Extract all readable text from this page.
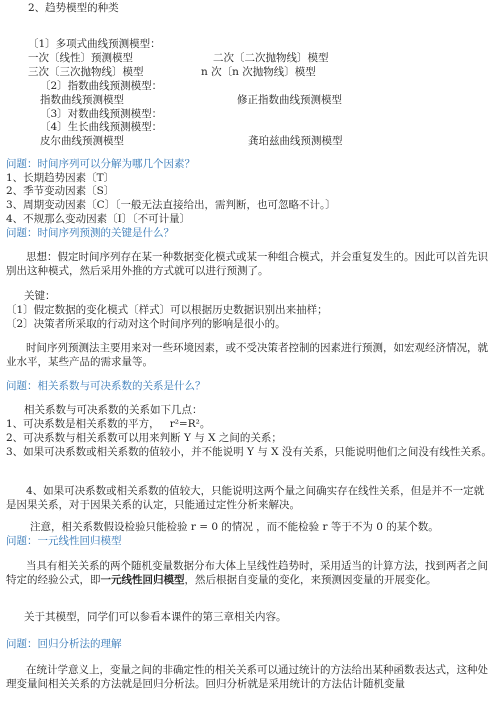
2、趋势模型的种类
〔1〕多项式曲线预测模型：
一次〔线性〕预测模型	二次〔二次抛物线〕模型
三次〔三次抛物线〕模型	n 次〔n 次抛物线〕模型
〔2〕指数曲线预测模型：
指数曲线预测模型	修正指数曲线预测模型
〔3〕对数曲线预测模型：
〔4〕生长曲线预测模型：
皮尔曲线预测模型	龚珀兹曲线预测模型
问题：时间序列可以分解为哪几个因素？
1、长期趋势因素〔T〕
2、季节变动因素〔S〕
3、周期变动因素〔C〕〔一般无法直接给出，需判断，也可忽略不计。〕
4、不规那么变动因素〔I〕〔不可计量〕
问题：时间序列预测的关键是什么？
思想：假定时间序列存在某一种数据变化模式或某一种组合模式，并会重复发生的。因此可以首先识别出这种模式，然后采用外推的方式就可以进行预测了。
关键：
〔1〕假定数据的变化模式〔样式〕可以根据历史数据识别出来抽样；
〔2〕决策者所采取的行动对这个时间序列的影响是很小的。
时间序列预测法主要用来对一些环境因素，或不受决策者控制的因素进行预测，如宏观经济情况，就业水平，某些产品的需求量等。
问题：相关系数与可决系数的关系是什么？
相关系数与可决系数的关系如下几点：
1、可决系数是相关系数的平方， r²=R²。
2、可决系数与相关系数可以用来判断 Y 与 X 之间的关系；
3、如果可决系数或相关系数的值较小，并不能说明 Y 与 X 没有关系，只能说明他们之间没有线性关系。
4、如果可决系数或相关系数的值较大，只能说明这两个量之间确实存在线性关系，但是并不一定就是因果关系，对于因果关系的认定，只能通过定性分析来解决。
注意，相关系数假设检验只能检验 r = 0 的情况 ，而不能检验 r 等于不为 0 的某个数。
问题：一元线性回归模型
当具有相关关系的两个随机变量数据分布大体上呈线性趋势时，采用适当的计算方法，找到两者之间特定的经验公式，即一元线性回归模型，然后根据自变量的变化，来预测因变量的开展变化。
关于其模型，同学们可以参看本课件的第三章相关内容。
问题：回归分析法的理解
在统计学意义上，变量之间的非确定性的相关关系可以通过统计的方法给出某种函数表达式，这种处理变量间相关关系的方法就是回归分析法。回归分析就是采用统计的方法估计随机变量
